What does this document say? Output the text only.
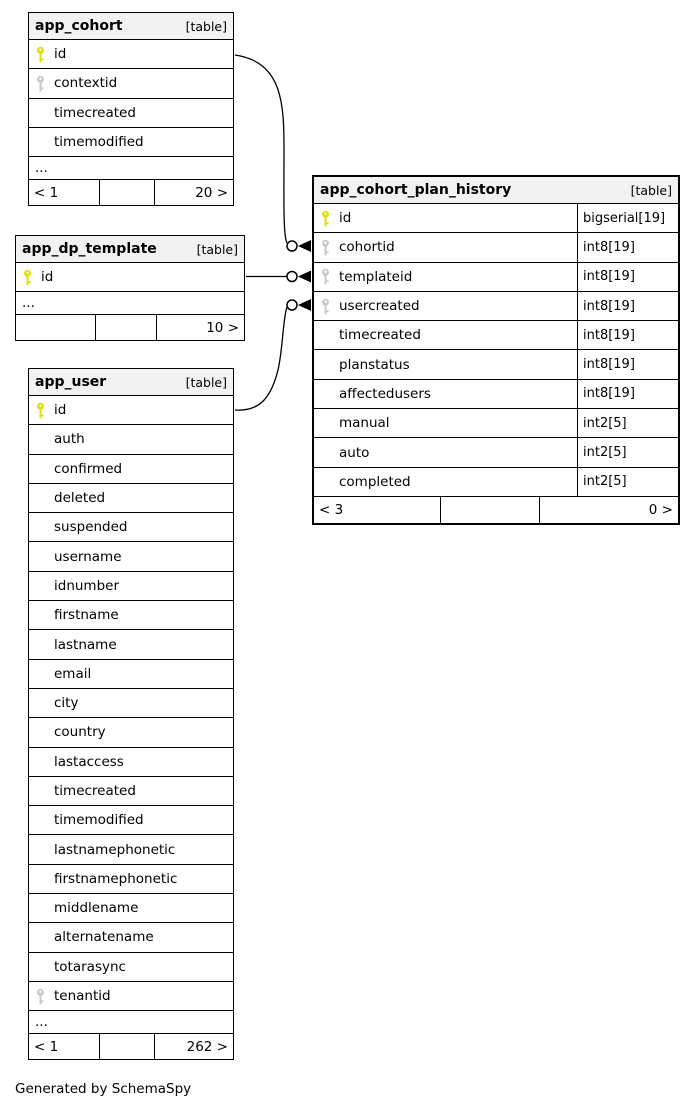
app_cohort	[table]
id
contextid
timecreated
timemodified
...
< 1	20 >
app_dp_template	[table]
id
...
10 >
app_user	[table]
id
auth
confirmed
deleted
suspended
username
idnumber
firstname
lastname
email
city
country
lastaccess
timecreated
timemodified
lastnamephonetic
firstnamephonetic
middlename
alternatename
totarasync
tenantid
...
< 1	262 >
app_cohort_plan_history	[table]
id	bigserial[19]
cohortid	int8[19]
templateid	int8[19]
usercreated	int8[19]
timecreated	int8[19]
planstatus	int8[19]
affectedusers	int8[19]
manual	int2[5]
auto	int2[5]
completed	int2[5]
< 3	0 >
Generated by SchemaSpy
